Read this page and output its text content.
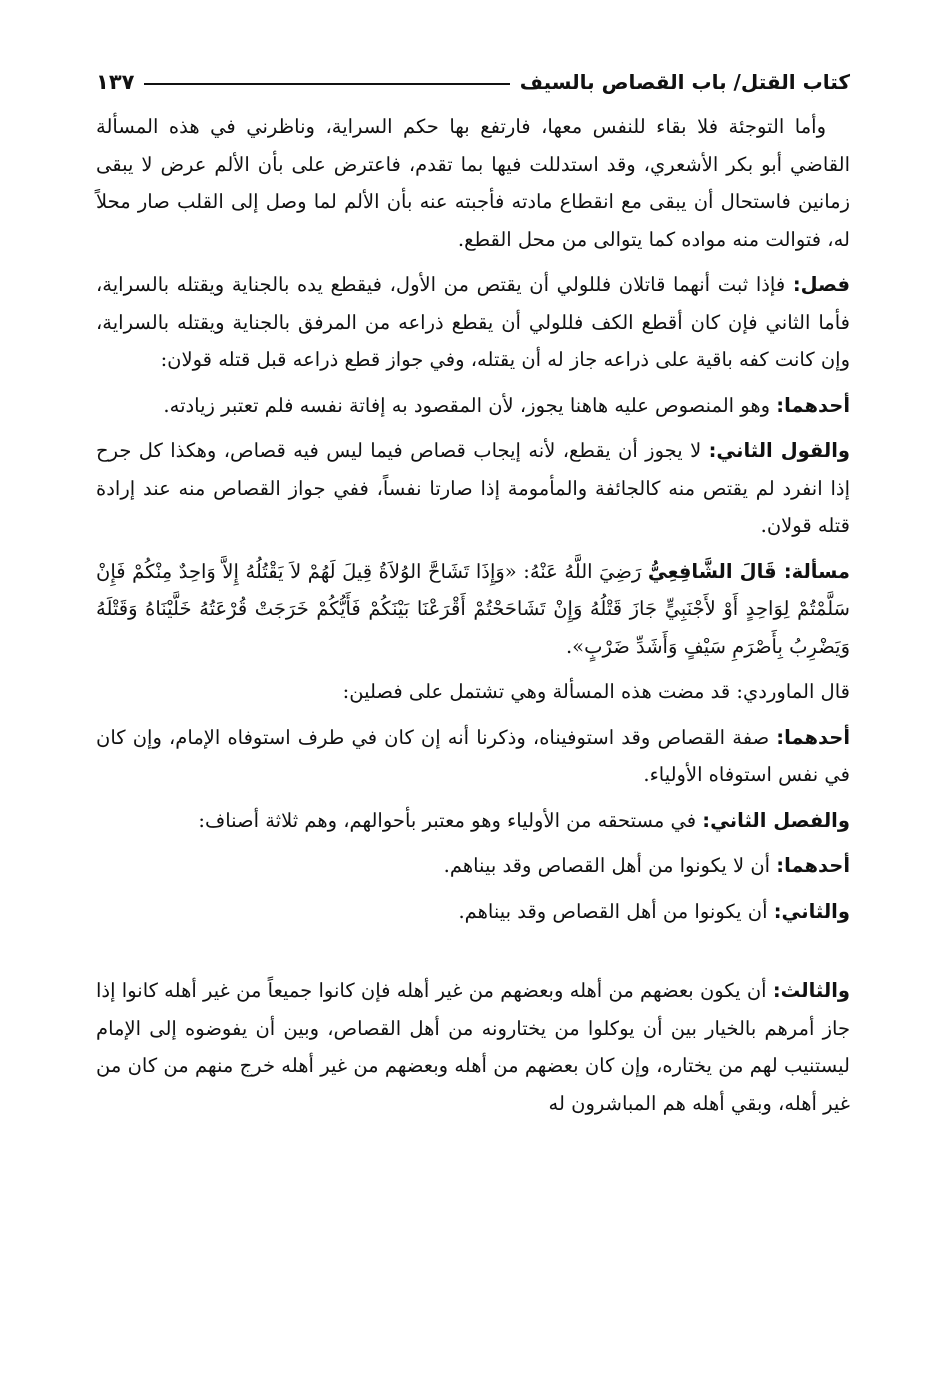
كتاب القتل/ باب القصاص بالسيف
١٣٧

وأما التوجئة فلا بقاء للنفس معها، فارتفع بها حكم السراية، وناظرني في هذه المسألة القاضي أبو بكر الأشعري، وقد استدللت فيها بما تقدم، فاعترض على بأن الألم عرض لا يبقى زمانين فاستحال أن يبقى مع انقطاع مادته فأجبته عنه بأن الألم لما وصل إلى القلب صار محلاً له، فتوالت منه مواده كما يتوالى من محل القطع.

فصل: فإذا ثبت أنهما قاتلان فللولي أن يقتص من الأول، فيقطع يده بالجناية ويقتله بالسراية، فأما الثاني فإن كان أقطع الكف فللولي أن يقطع ذراعه من المرفق بالجناية ويقتله بالسراية، وإن كانت كفه باقية على ذراعه جاز له أن يقتله، وفي جواز قطع ذراعه قبل قتله قولان:

أحدهما: وهو المنصوص عليه هاهنا يجوز، لأن المقصود به إفاتة نفسه فلم تعتبر زيادته.

والقول الثاني: لا يجوز أن يقطع، لأنه إيجاب قصاص فيما ليس فيه قصاص، وهكذا كل جرح إذا انفرد لم يقتص منه كالجائفة والمأمومة إذا صارتا نفساً، ففي جواز القصاص منه عند إرادة قتله قولان.

مسألة: قَالَ الشَّافِعِيُّ رَضِيَ اللَّهُ عَنْهُ: «وَإِذَا تَشَاحَّ الوُلاَةُ قِيلَ لَهُمْ لاَ يَقْتُلُهُ إِلاَّ وَاحِدٌ مِنْكُمْ فَإِنْ سَلَّمْتُمْ لِوَاحِدٍ أَوْ لأَجْنَبِيٍّ جَازَ قَتْلُهُ وَإِنْ تَشَاحَحْتُمْ أَقْرَعْنَا بَيْنَكُمْ فَأَيُّكُمْ خَرَجَتْ قُرْعَتُهُ خَلَّيْنَاهُ وَقَتْلَهُ وَيَضْرِبُ بِأَصْرَمِ سَيْفٍ وَأَشَدِّ ضَرْبٍ».

قال الماوردي: قد مضت هذه المسألة وهي تشتمل على فصلين:

أحدهما: صفة القصاص وقد استوفيناه، وذكرنا أنه إن كان في طرف استوفاه الإمام، وإن كان في نفس استوفاه الأولياء.

والفصل الثاني: في مستحقه من الأولياء وهو معتبر بأحوالهم، وهم ثلاثة أصناف:

أحدهما: أن لا يكونوا من أهل القصاص وقد بيناهم.

والثاني: أن يكونوا من أهل القصاص وقد بيناهم.

والثالث: أن يكون بعضهم من أهله وبعضهم من غير أهله فإن كانوا جميعاً من غير أهله كانوا إذا جاز أمرهم بالخيار بين أن يوكلوا من يختارونه من أهل القصاص، وبين أن يفوضوه إلى الإمام ليستنيب لهم من يختاره، وإن كان بعضهم من أهله وبعضهم من غير أهله خرج منهم من كان من غير أهله، وبقي أهله هم المباشرون له
